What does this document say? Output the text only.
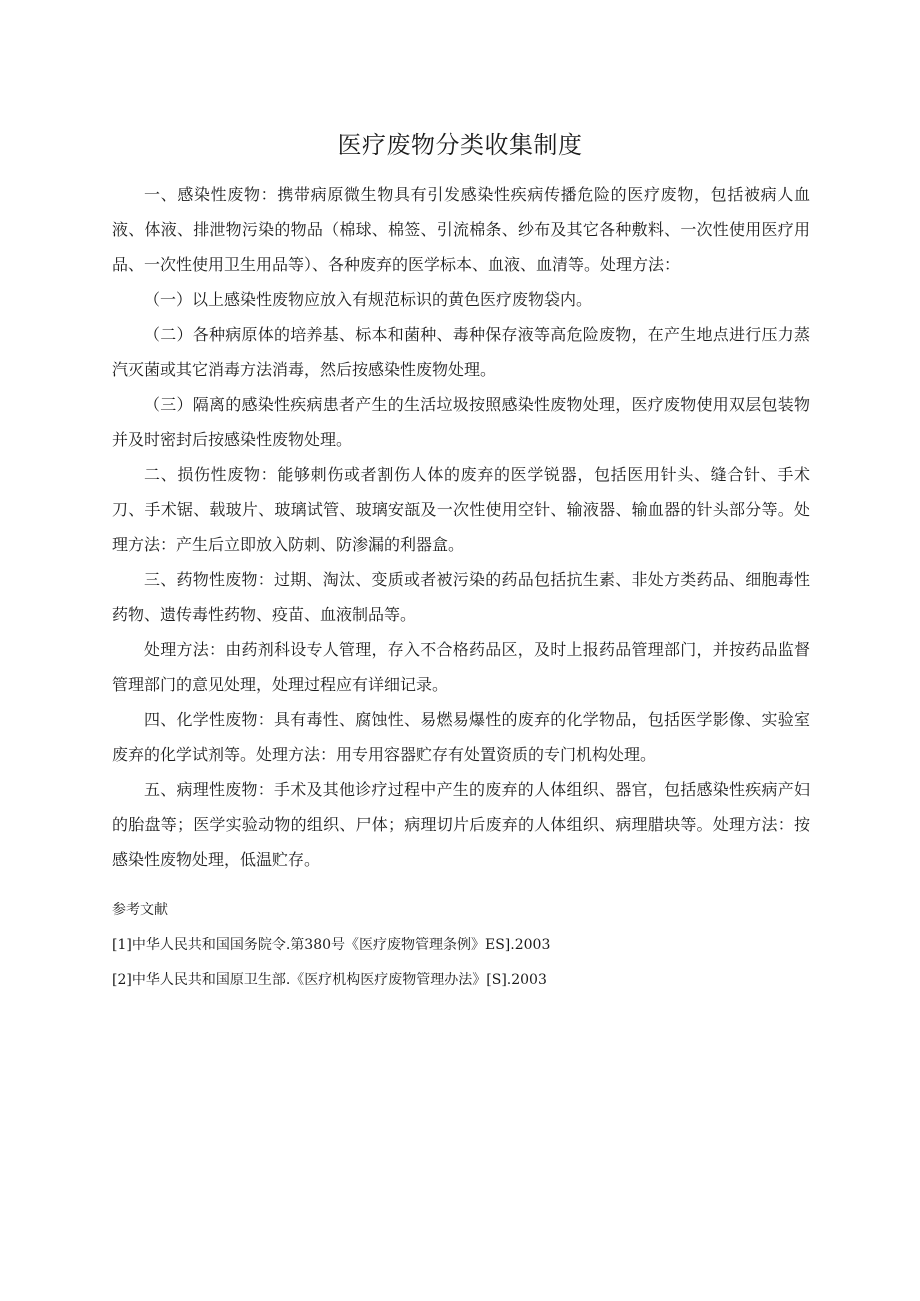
医疗废物分类收集制度

一、感染性废物：携带病原微生物具有引发感染性疾病传播危险的医疗废物，包括被病人血液、体液、排泄物污染的物品（棉球、棉签、引流棉条、纱布及其它各种敷料、一次性使用医疗用品、一次性使用卫生用品等）、各种废弃的医学标本、血液、血清等。处理方法：

（一）以上感染性废物应放入有规范标识的黄色医疗废物袋内。

（二）各种病原体的培养基、标本和菌种、毒种保存液等高危险废物，在产生地点进行压力蒸汽灭菌或其它消毒方法消毒，然后按感染性废物处理。

（三）隔离的感染性疾病患者产生的生活垃圾按照感染性废物处理，医疗废物使用双层包装物并及时密封后按感染性废物处理。

二、损伤性废物：能够刺伤或者割伤人体的废弃的医学锐器，包括医用针头、缝合针、手术刀、手术锯、载玻片、玻璃试管、玻璃安瓿及一次性使用空针、输液器、输血器的针头部分等。处理方法：产生后立即放入防刺、防渗漏的利器盒。

三、药物性废物：过期、淘汰、变质或者被污染的药品包括抗生素、非处方类药品、细胞毒性药物、遗传毒性药物、疫苗、血液制品等。

处理方法：由药剂科设专人管理，存入不合格药品区，及时上报药品管理部门，并按药品监督管理部门的意见处理，处理过程应有详细记录。

四、化学性废物：具有毒性、腐蚀性、易燃易爆性的废弃的化学物品，包括医学影像、实验室废弃的化学试剂等。处理方法：用专用容器贮存有处置资质的专门机构处理。

五、病理性废物：手术及其他诊疗过程中产生的废弃的人体组织、器官，包括感染性疾病产妇的胎盘等；医学实验动物的组织、尸体；病理切片后废弃的人体组织、病理腊块等。处理方法：按感染性废物处理，低温贮存。

参考文献
[1]中华人民共和国国务院令.第380号《医疗废物管理条例》ES].2003
[2]中华人民共和国原卫生部.《医疗机构医疗废物管理办法》[S].2003
